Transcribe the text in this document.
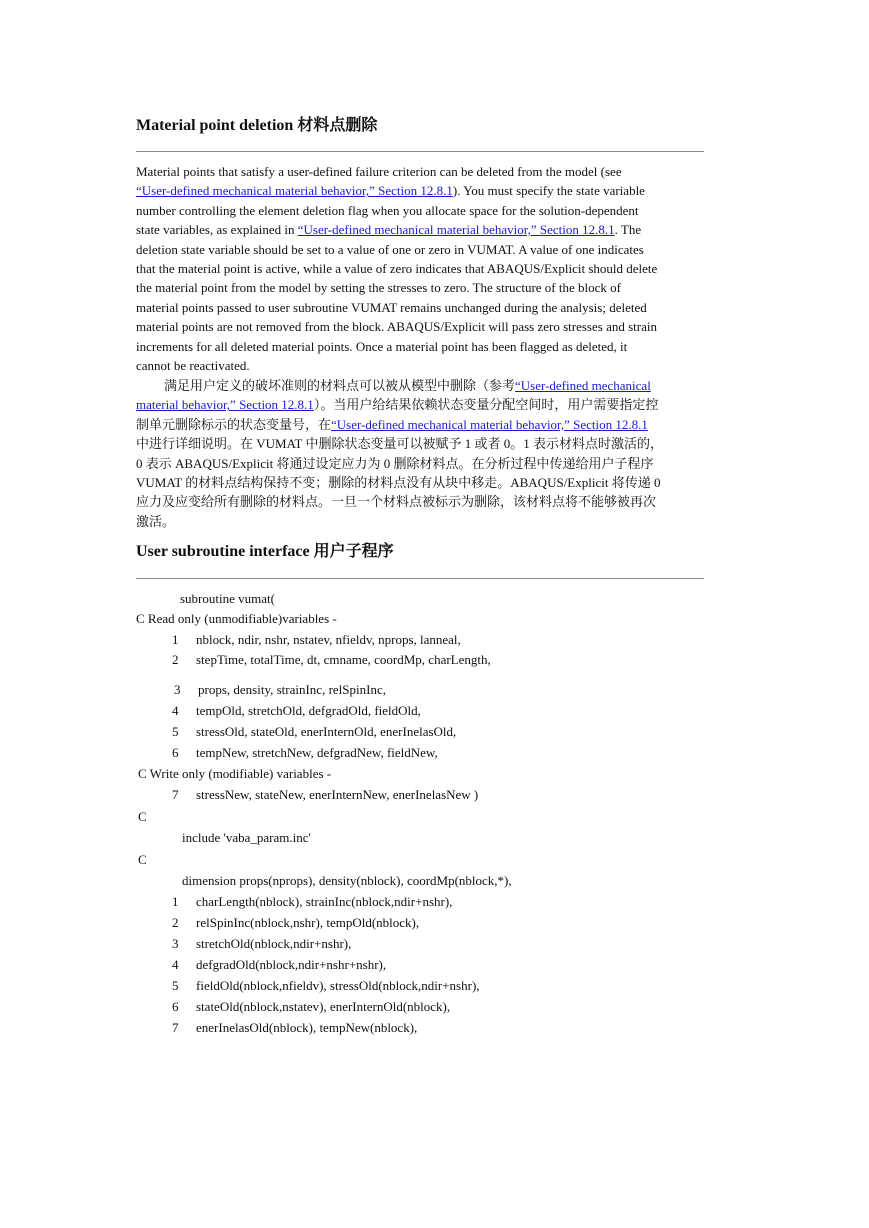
Material point deletion 材料点删除
Material points that satisfy a user-defined failure criterion can be deleted from the model (see
“User-defined mechanical material behavior,” Section 12.8.1). You must specify the state variable
number controlling the element deletion flag when you allocate space for the solution-dependent
state variables, as explained in “User-defined mechanical material behavior,” Section 12.8.1. The
deletion state variable should be set to a value of one or zero in VUMAT. A value of one indicates
that the material point is active, while a value of zero indicates that ABAQUS/Explicit should delete
the material point from the model by setting the stresses to zero. The structure of the block of
material points passed to user subroutine VUMAT remains unchanged during the analysis; deleted
material points are not removed from the block. ABAQUS/Explicit will pass zero stresses and strain
increments for all deleted material points. Once a material point has been flagged as deleted, it
cannot be reactivated.
满足用户定义的破坏准则的材料点可以被从模型中删除（参考“User-defined mechanical
material behavior,” Section 12.8.1）。当用户给结果依赖状态变量分配空间时，用户需要指定控
制单元删除标示的状态变量号，在“User-defined mechanical material behavior,” Section 12.8.1
中进行详细说明。在 VUMAT 中删除状态变量可以被赋予 1 或者 0。1 表示材料点时激活的，
0 表示 ABAQUS/Explicit 将通过设定应力为 0 删除材料点。在分析过程中传递给用户子程序
VUMAT 的材料点结构保持不变；删除的材料点没有从块中移走。ABAQUS/Explicit 将传递 0
应力及应变给所有删除的材料点。一旦一个材料点被标示为删除，该材料点将不能够被再次
激活。
User subroutine interface 用户子程序
subroutine vumat(
C Read only (unmodifiable)variables -
1 nblock, ndir, nshr, nstatev, nfieldv, nprops, lanneal,
2 stepTime, totalTime, dt, cmname, coordMp, charLength,
3 props, density, strainInc, relSpinInc,
4 tempOld, stretchOld, defgradOld, fieldOld,
5 stressOld, stateOld, enerInternOld, enerInelasOld,
6 tempNew, stretchNew, defgradNew, fieldNew,
C Write only (modifiable) variables -
7 stressNew, stateNew, enerInternNew, enerInelasNew )
C
include 'vaba_param.inc'
C
dimension props(nprops), density(nblock), coordMp(nblock,*),
1 charLength(nblock), strainInc(nblock,ndir+nshr),
2 relSpinInc(nblock,nshr), tempOld(nblock),
3 stretchOld(nblock,ndir+nshr),
4 defgradOld(nblock,ndir+nshr+nshr),
5 fieldOld(nblock,nfieldv), stressOld(nblock,ndir+nshr),
6 stateOld(nblock,nstatev), enerInternOld(nblock),
7 enerInelasOld(nblock), tempNew(nblock),
